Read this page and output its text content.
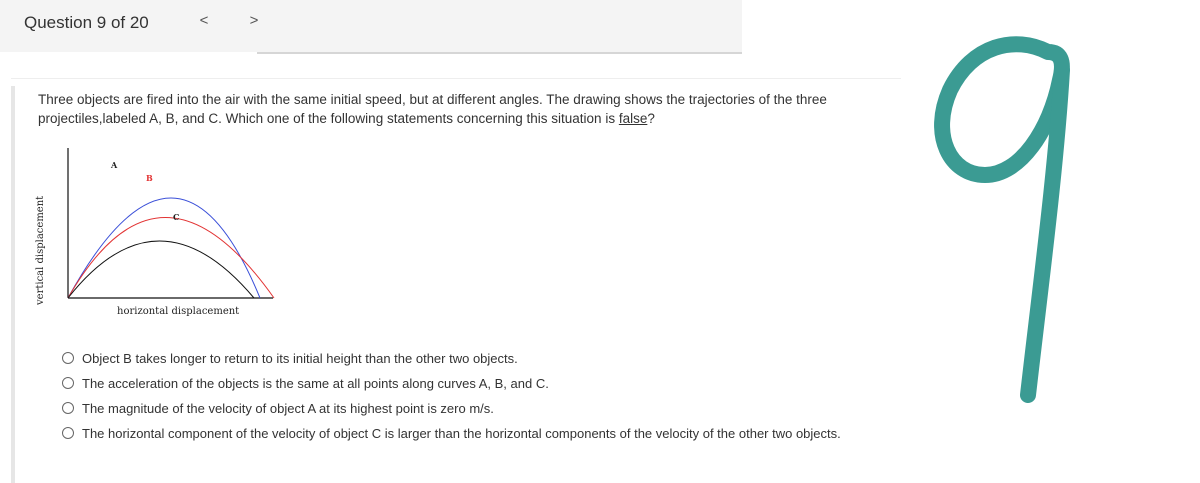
Question 9 of 20	<	>
Three objects are fired into the air with the same initial speed, but at different angles. The drawing shows the trajectories of the three projectiles,labeled A, B, and C. Which one of the following statements concerning this situation is false?
vertical displacement
horizontal displacement
A
B
C
Object B takes longer to return to its initial height than the other two objects.
The acceleration of the objects is the same at all points along curves A, B, and C.
The magnitude of the velocity of object A at its highest point is zero m/s.
The horizontal component of the velocity of object C is larger than the horizontal components of the velocity of the other two objects.
